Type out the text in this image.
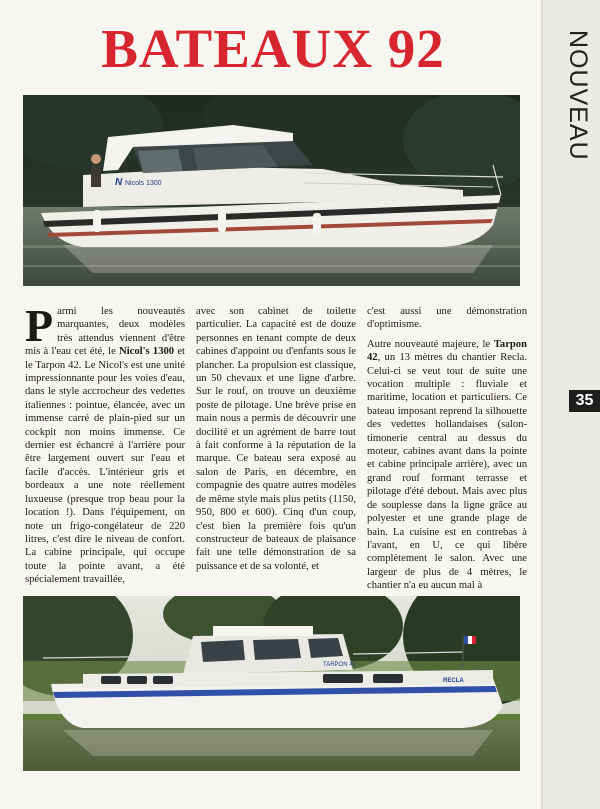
NOUVEAU
35
BATEAUX 92
N Nicols 1300

Parmi les nouveautés marquantes, deux modèles très attendus viennent d'être mis à l'eau cet été, le Nicol's 1300 et le Tarpon 42. Le Nicol's est une unité impressionnante pour les voies d'eau, dans le style accrocheur des vedettes italiennes : pointue, élancée, avec un immense carré de plain-pied sur un cockpit non moins immense. Ce dernier est échancré à l'arrière pour être largement ouvert sur l'eau et facile d'accès. L'intérieur gris et bordeaux a une note réellement luxueuse (presque trop beau pour la location !). Dans l'équipement, on note un frigo-congélateur de 220 litres, c'est dire le niveau de confort. La cabine principale, qui occupe toute la pointe avant, a été spécialement travaillée,

avec son cabinet de toilette particulier. La capacité est de douze personnes en tenant compte de deux cabines d'appoint ou d'enfants sous le plancher. La propulsion est classique, un 50 chevaux et une ligne d'arbre. Sur le rouf, on trouve un deuxième poste de pilotage. Une brève prise en main nous a permis de découvrir une docilité et un agrément de barre tout à fait conforme à la réputation de la marque. Ce bateau sera exposé au salon de Paris, en décembre, en compagnie des quatre autres modèles de même style mais plus petits (1150, 950, 800 et 600). Cinq d'un coup, c'est bien la première fois qu'un constructeur de bateaux de plaisance fait une telle démonstration de sa puissance et de sa volonté, et

c'est aussi une démonstration d'optimisme.

Autre nouveauté majeure, le Tarpon 42, un 13 mètres du chantier Recla. Celui-ci se veut tout de suite une vocation multiple : fluviale et maritime, location et particuliers. Ce bateau imposant reprend la silhouette des vedettes hollandaises (salon-timonerie central au dessus du moteur, cabines avant dans la pointe et cabine principale arrière), avec un grand rouf formant terrasse et pilotage d'été debout. Mais avec plus de souplesse dans la ligne grâce au polyester et une grande plage de bain. La cuisine est en contrebas à l'avant, en U, ce qui libère complètement le salon. Avec une largeur de plus de 4 mètres, le chantier n'a eu aucun mal à

TARPON 42
RECLA
